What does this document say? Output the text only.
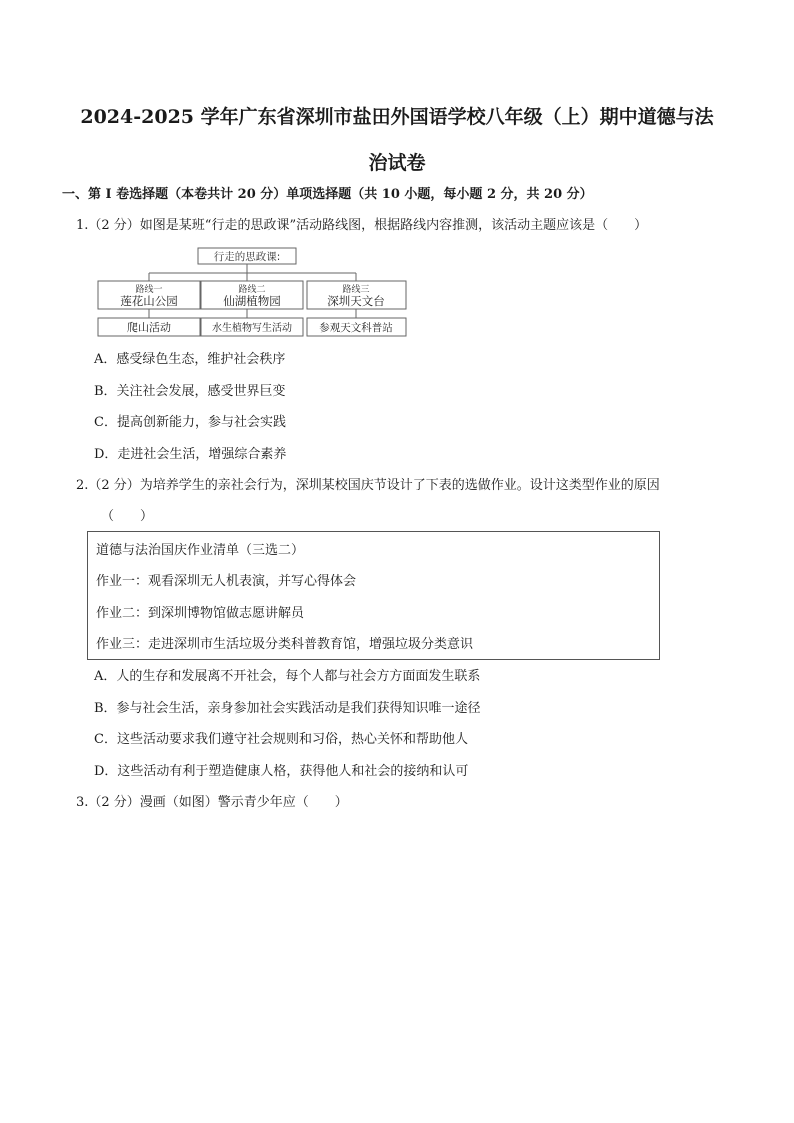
2024-2025 学年广东省深圳市盐田外国语学校八年级（上）期中道德与法
治试卷
一、第 I 卷选择题（本卷共计 20 分）单项选择题（共 10 小题，每小题 2 分，共 20 分）
1.（2 分）如图是某班“行走的思政课”活动路线图，根据路线内容推测，该活动主题应该是（　　）
行走的思政课:
路线一
莲花山公园
爬山活动
路线二
仙湖植物园
水生植物写生活动
路线三
深圳天文台
参观天文科普站
A．感受绿色生态，维护社会秩序
B．关注社会发展，感受世界巨变
C．提高创新能力，参与社会实践
D．走进社会生活，增强综合素养
2.（2 分）为培养学生的亲社会行为，深圳某校国庆节设计了下表的选做作业。设计这类型作业的原因
（　　）
道德与法治国庆作业清单（三选二）
作业一：观看深圳无人机表演，并写心得体会
作业二：到深圳博物馆做志愿讲解员
作业三：走进深圳市生活垃圾分类科普教育馆，增强垃圾分类意识
A．人的生存和发展离不开社会，每个人都与社会方方面面发生联系
B．参与社会生活，亲身参加社会实践活动是我们获得知识唯一途径
C．这些活动要求我们遵守社会规则和习俗，热心关怀和帮助他人
D．这些活动有利于塑造健康人格，获得他人和社会的接纳和认可
3.（2 分）漫画（如图）警示青少年应（　　）
